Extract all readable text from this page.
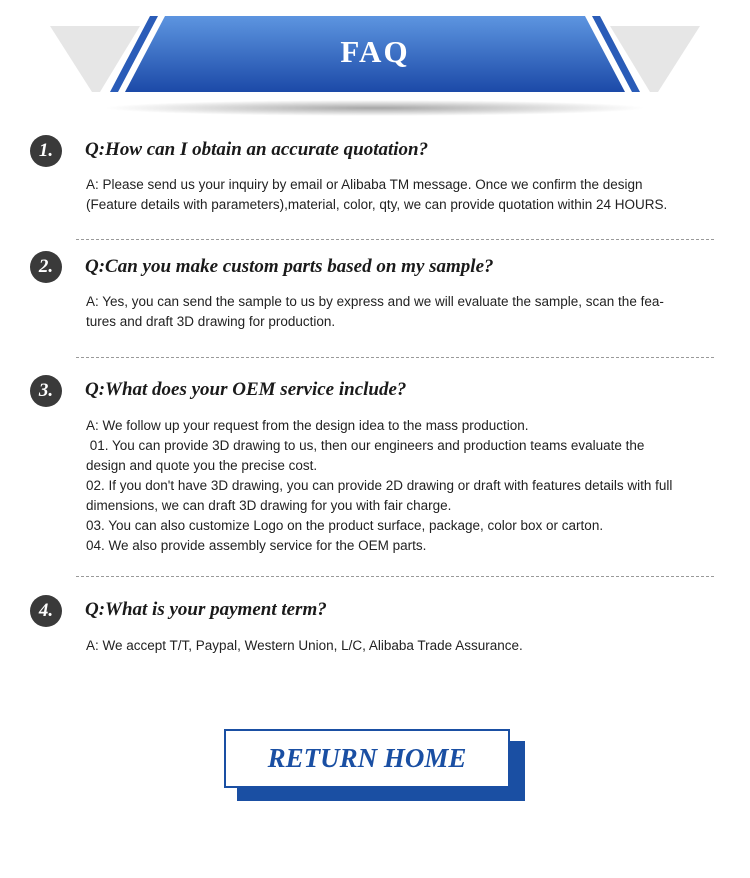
FAQ
1.	Q:How can I obtain an accurate quotation?

A: Please send us your inquiry by email or Alibaba TM message. Once we confirm the design

(Feature details with parameters),material, color, qty, we can provide quotation within 24 HOURS.

2.	Q:Can you make custom parts based on my sample?

A: Yes, you can send the sample to us by express and we will evaluate the sample, scan the fea-

tures and draft 3D drawing for production.

3.	Q:What does your OEM service include?

A: We follow up your request from the design idea to the mass production.

01. You can provide 3D drawing to us, then our engineers and production teams evaluate the

design and quote you the precise cost.

02. If you don't have 3D drawing, you can provide 2D drawing or draft with features details with full

dimensions, we can draft 3D drawing for you with fair charge.

03. You can also customize Logo on the product surface, package, color box or carton.

04. We also provide assembly service for the OEM parts.

4.	Q:What is your payment term?

A: We accept T/T, Paypal, Western Union, L/C, Alibaba Trade Assurance.

RETURN HOME
